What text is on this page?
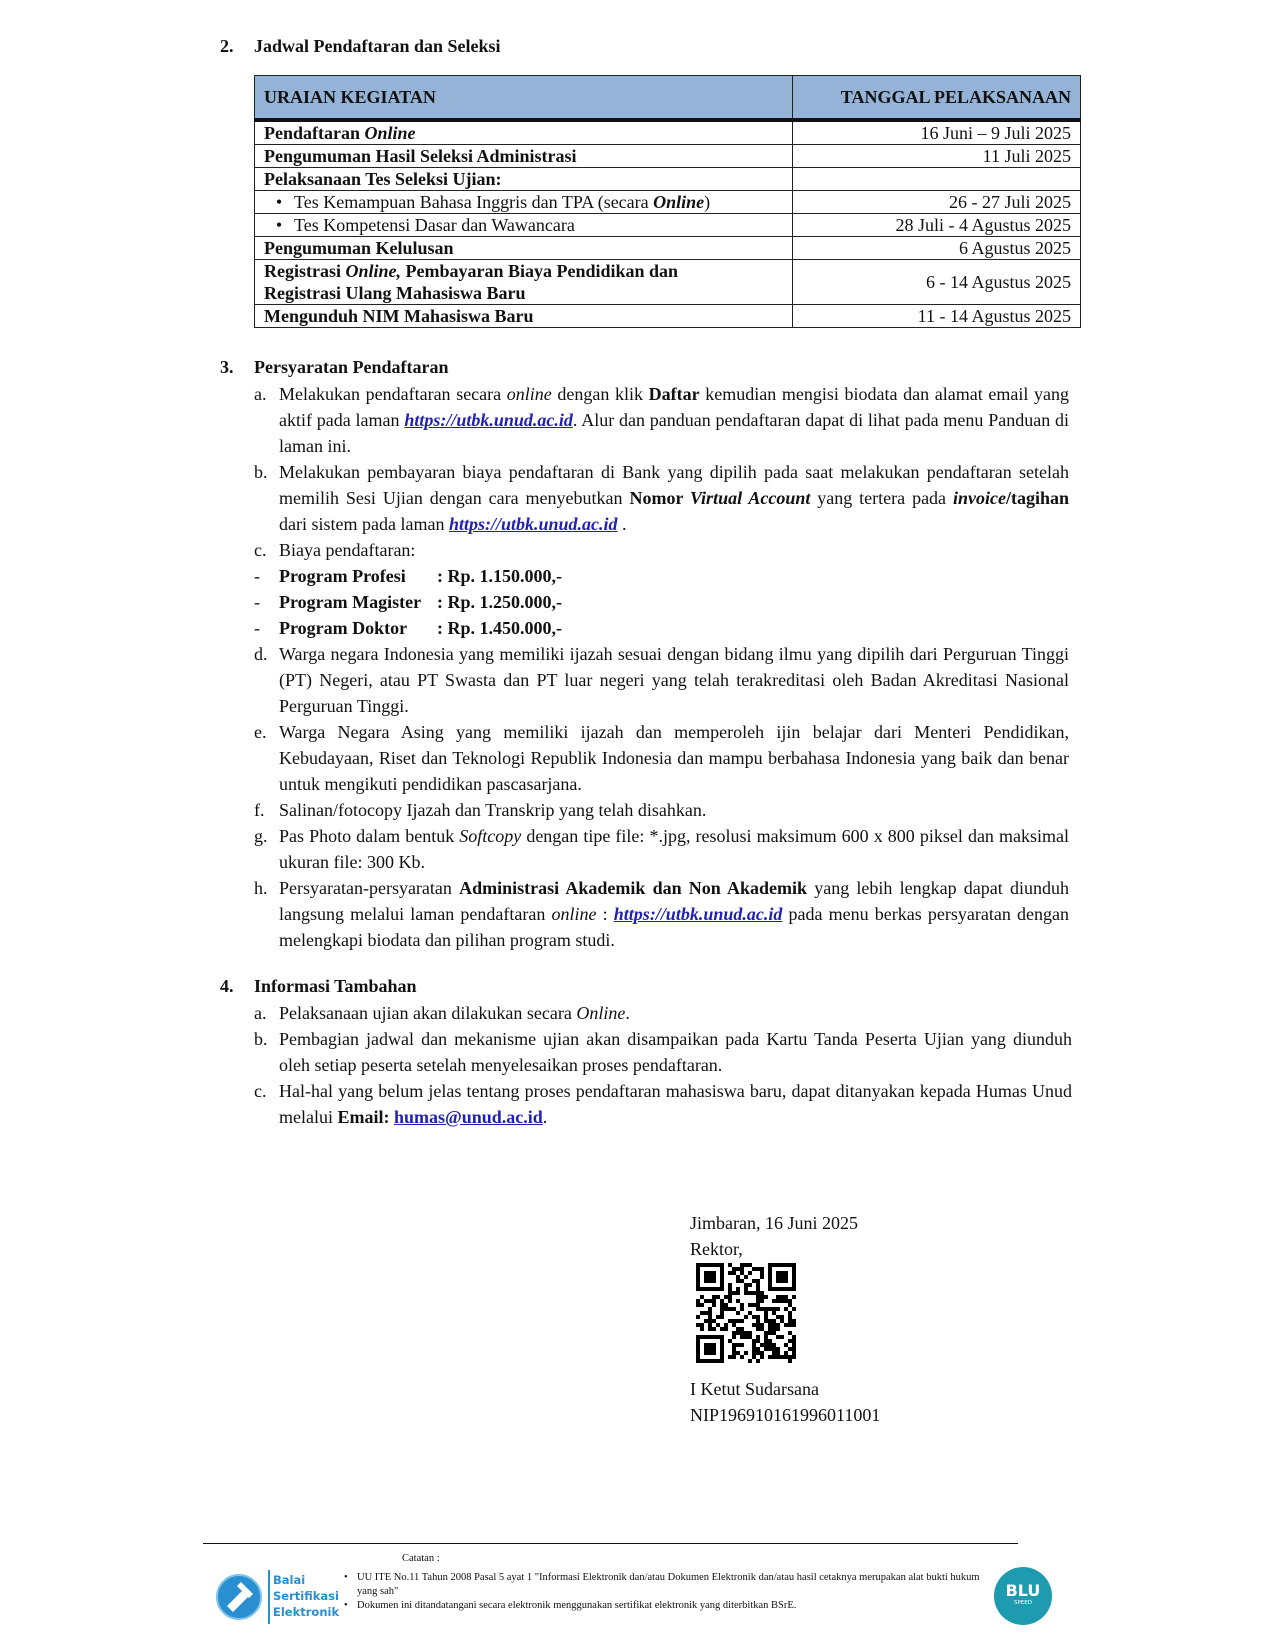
2. Jadwal Pendaftaran dan Seleksi
URAIAN KEGIATAN	TANGGAL PELAKSANAAN
Pendaftaran Online	16 Juni – 9 Juli 2025
Pengumuman Hasil Seleksi Administrasi	11 Juli 2025
Pelaksanaan Tes Seleksi Ujian:	
• Tes Kemampuan Bahasa Inggris dan TPA (secara Online)	26 - 27 Juli 2025
• Tes Kompetensi Dasar dan Wawancara	28 Juli - 4 Agustus 2025
Pengumuman Kelulusan	6 Agustus 2025
Registrasi Online, Pembayaran Biaya Pendidikan dan
Registrasi Ulang Mahasiswa Baru	6 - 14 Agustus 2025
Mengunduh NIM Mahasiswa Baru	11 - 14 Agustus 2025
3. Persyaratan Pendaftaran
a. Melakukan pendaftaran secara online dengan klik Daftar kemudian mengisi biodata dan alamat email yang aktif pada laman https://utbk.unud.ac.id. Alur dan panduan pendaftaran dapat di lihat pada menu Panduan di laman ini.
b. Melakukan pembayaran biaya pendaftaran di Bank yang dipilih pada saat melakukan pendaftaran setelah memilih Sesi Ujian dengan cara menyebutkan Nomor Virtual Account yang tertera pada invoice/tagihan dari sistem pada laman https://utbk.unud.ac.id .
c. Biaya pendaftaran:
- Program Profesi : Rp. 1.150.000,-
- Program Magister : Rp. 1.250.000,-
- Program Doktor : Rp. 1.450.000,-
d. Warga negara Indonesia yang memiliki ijazah sesuai dengan bidang ilmu yang dipilih dari Perguruan Tinggi (PT) Negeri, atau PT Swasta dan PT luar negeri yang telah terakreditasi oleh Badan Akreditasi Nasional Perguruan Tinggi.
e. Warga Negara Asing yang memiliki ijazah dan memperoleh ijin belajar dari Menteri Pendidikan, Kebudayaan, Riset dan Teknologi Republik Indonesia dan mampu berbahasa Indonesia yang baik dan benar untuk mengikuti pendidikan pascasarjana.
f. Salinan/fotocopy Ijazah dan Transkrip yang telah disahkan.
g. Pas Photo dalam bentuk Softcopy dengan tipe file: *.jpg, resolusi maksimum 600 x 800 piksel dan maksimal ukuran file: 300 Kb.
h. Persyaratan-persyaratan Administrasi Akademik dan Non Akademik yang lebih lengkap dapat diunduh langsung melalui laman pendaftaran online : https://utbk.unud.ac.id pada menu berkas persyaratan dengan melengkapi biodata dan pilihan program studi.
4. Informasi Tambahan
a. Pelaksanaan ujian akan dilakukan secara Online.
b. Pembagian jadwal dan mekanisme ujian akan disampaikan pada Kartu Tanda Peserta Ujian yang diunduh oleh setiap peserta setelah menyelesaikan proses pendaftaran.
c. Hal-hal yang belum jelas tentang proses pendaftaran mahasiswa baru, dapat ditanyakan kepada Humas Unud melalui Email: humas@unud.ac.id.
Jimbaran, 16 Juni 2025
Rektor,
I Ketut Sudarsana
NIP196910161996011001
Balai
Sertifikasi
Elektronik
Catatan :
• UU ITE No.11 Tahun 2008 Pasal 5 ayat 1 "Informasi Elektronik dan/atau Dokumen Elektronik dan/atau hasil cetaknya merupakan alat bukti hukum yang sah"
• Dokumen ini ditandatangani secara elektronik menggunakan sertifikat elektronik yang diterbitkan BSrE.
BLU
SPEED
